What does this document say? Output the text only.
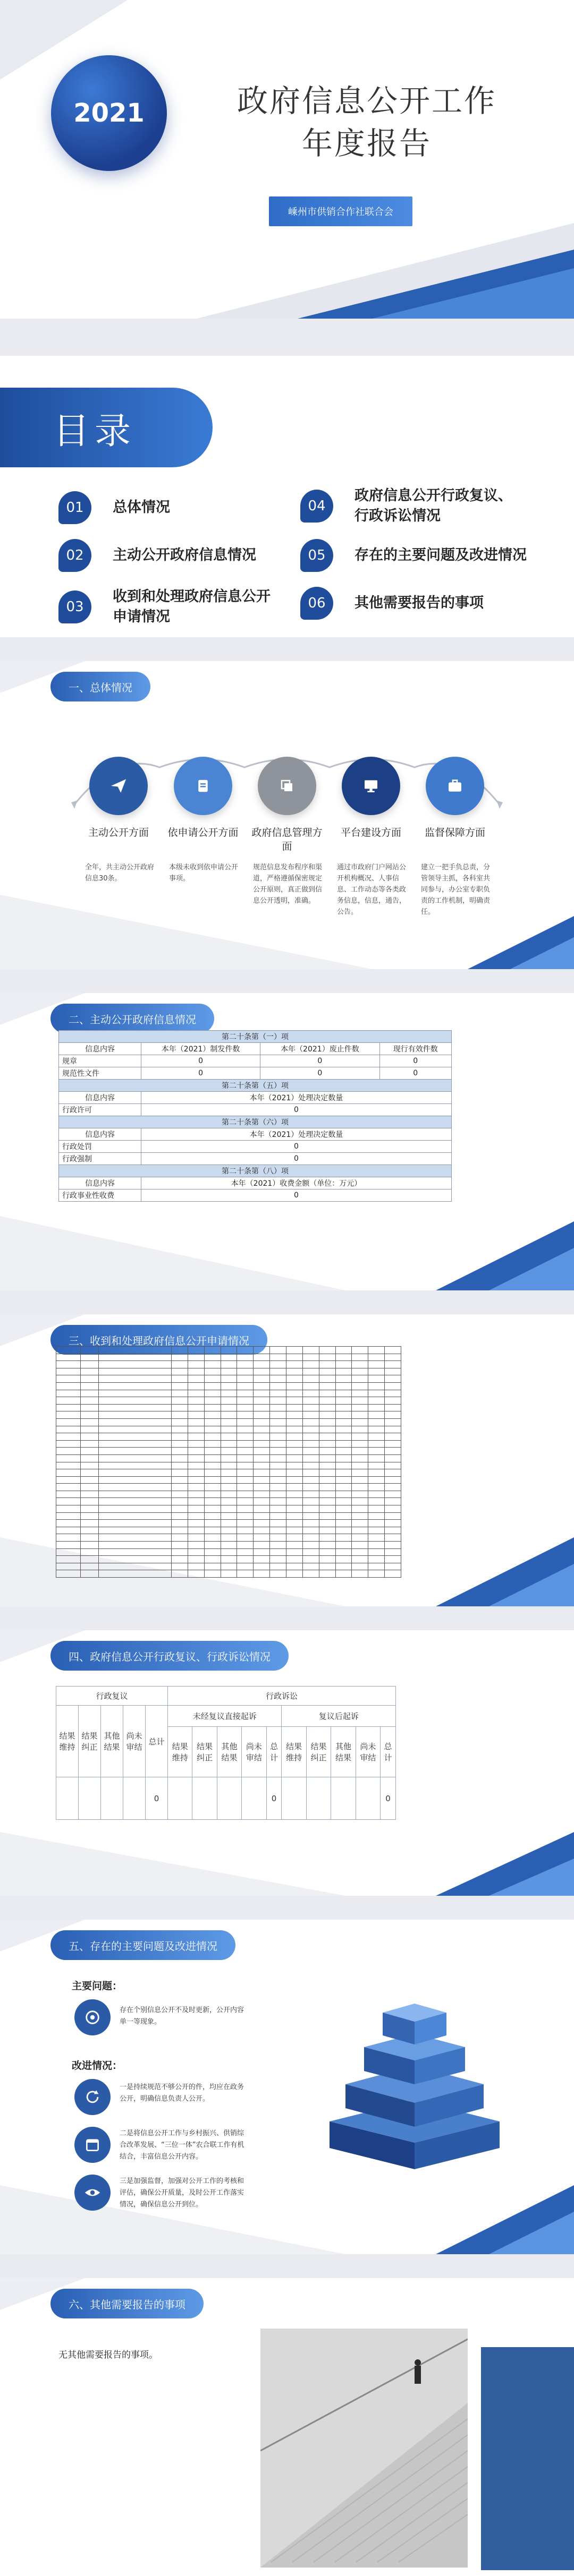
2021	政府信息公开工作
年度报告
嵊州市供销合作社联合会
目录
01	总体情况
02	主动公开政府信息情况
03
收到和处理政府信息公开申请情况
04
政府信息公开行政复议、行政诉讼情况
05	存在的主要问题及改进情况
06	其他需要报告的事项
一、总体情况
主动公开方面	依申请公开方面	政府信息管理方面
平台建设方面	监督保障方面
全年，共主动公开政府信息30条。
本级未收到依申请公开事项。
规范信息发布程序和渠道，严格遵循保密规定公开原则，真正做到信息公开透明，准确。
通过市政府门户网站公开机构概况、人事信息、工作动态等各类政务信息，信息，通告，公告。
建立一把手负总责，分管领导主抓，各科室共同参与，办公室专职负责的工作机制，明确责任。
二、主动公开政府信息情况
第二十条第（一）项			
信息内容	本年（2021）制发件数	本年（2021）废止件数	现行有效件数
规章	0	0	0
规范性文件	0	0	0
第二十条第（五）项			
信息内容	本年（2021）处理决定数量		
行政许可	0		
第二十条第（六）项			
信息内容	本年（2021）处理决定数量		
行政处罚	0		
行政强制	0		
第二十条第（八）项			
信息内容	本年（2021）收费金额（单位：万元）		
行政事业性收费	0		
三、收到和处理政府信息公开申请情况

四、政府信息公开行政复议、行政诉讼情况
行政复议					行政诉讼									
结果维持	结果纠正	其他结果	尚未审结	总计	未经复议直接起诉					复议后起诉				
					结果维持	结果纠正	其他结果	尚未审结	总计	结果维持	结果纠正	其他结果	尚未审结	总计
				0					0					0
五、存在的主要问题及改进情况
主要问题：
存在个别信息公开不及时更新，公开内容单一等现象。
改进情况：
一是持续规范不够公开的件，均应在政务公开，明确信息负责人公开。
二是将信息公开工作与乡村振兴、供销综合改革发展、“三位一体”农合联工作有机结合，丰富信息公开内容。
三是加强监督，加强对公开工作的考核和评估，确保公开质量，及时公开工作落实情况，确保信息公开到位。
六、其他需要报告的事项
无其他需要报告的事项。
